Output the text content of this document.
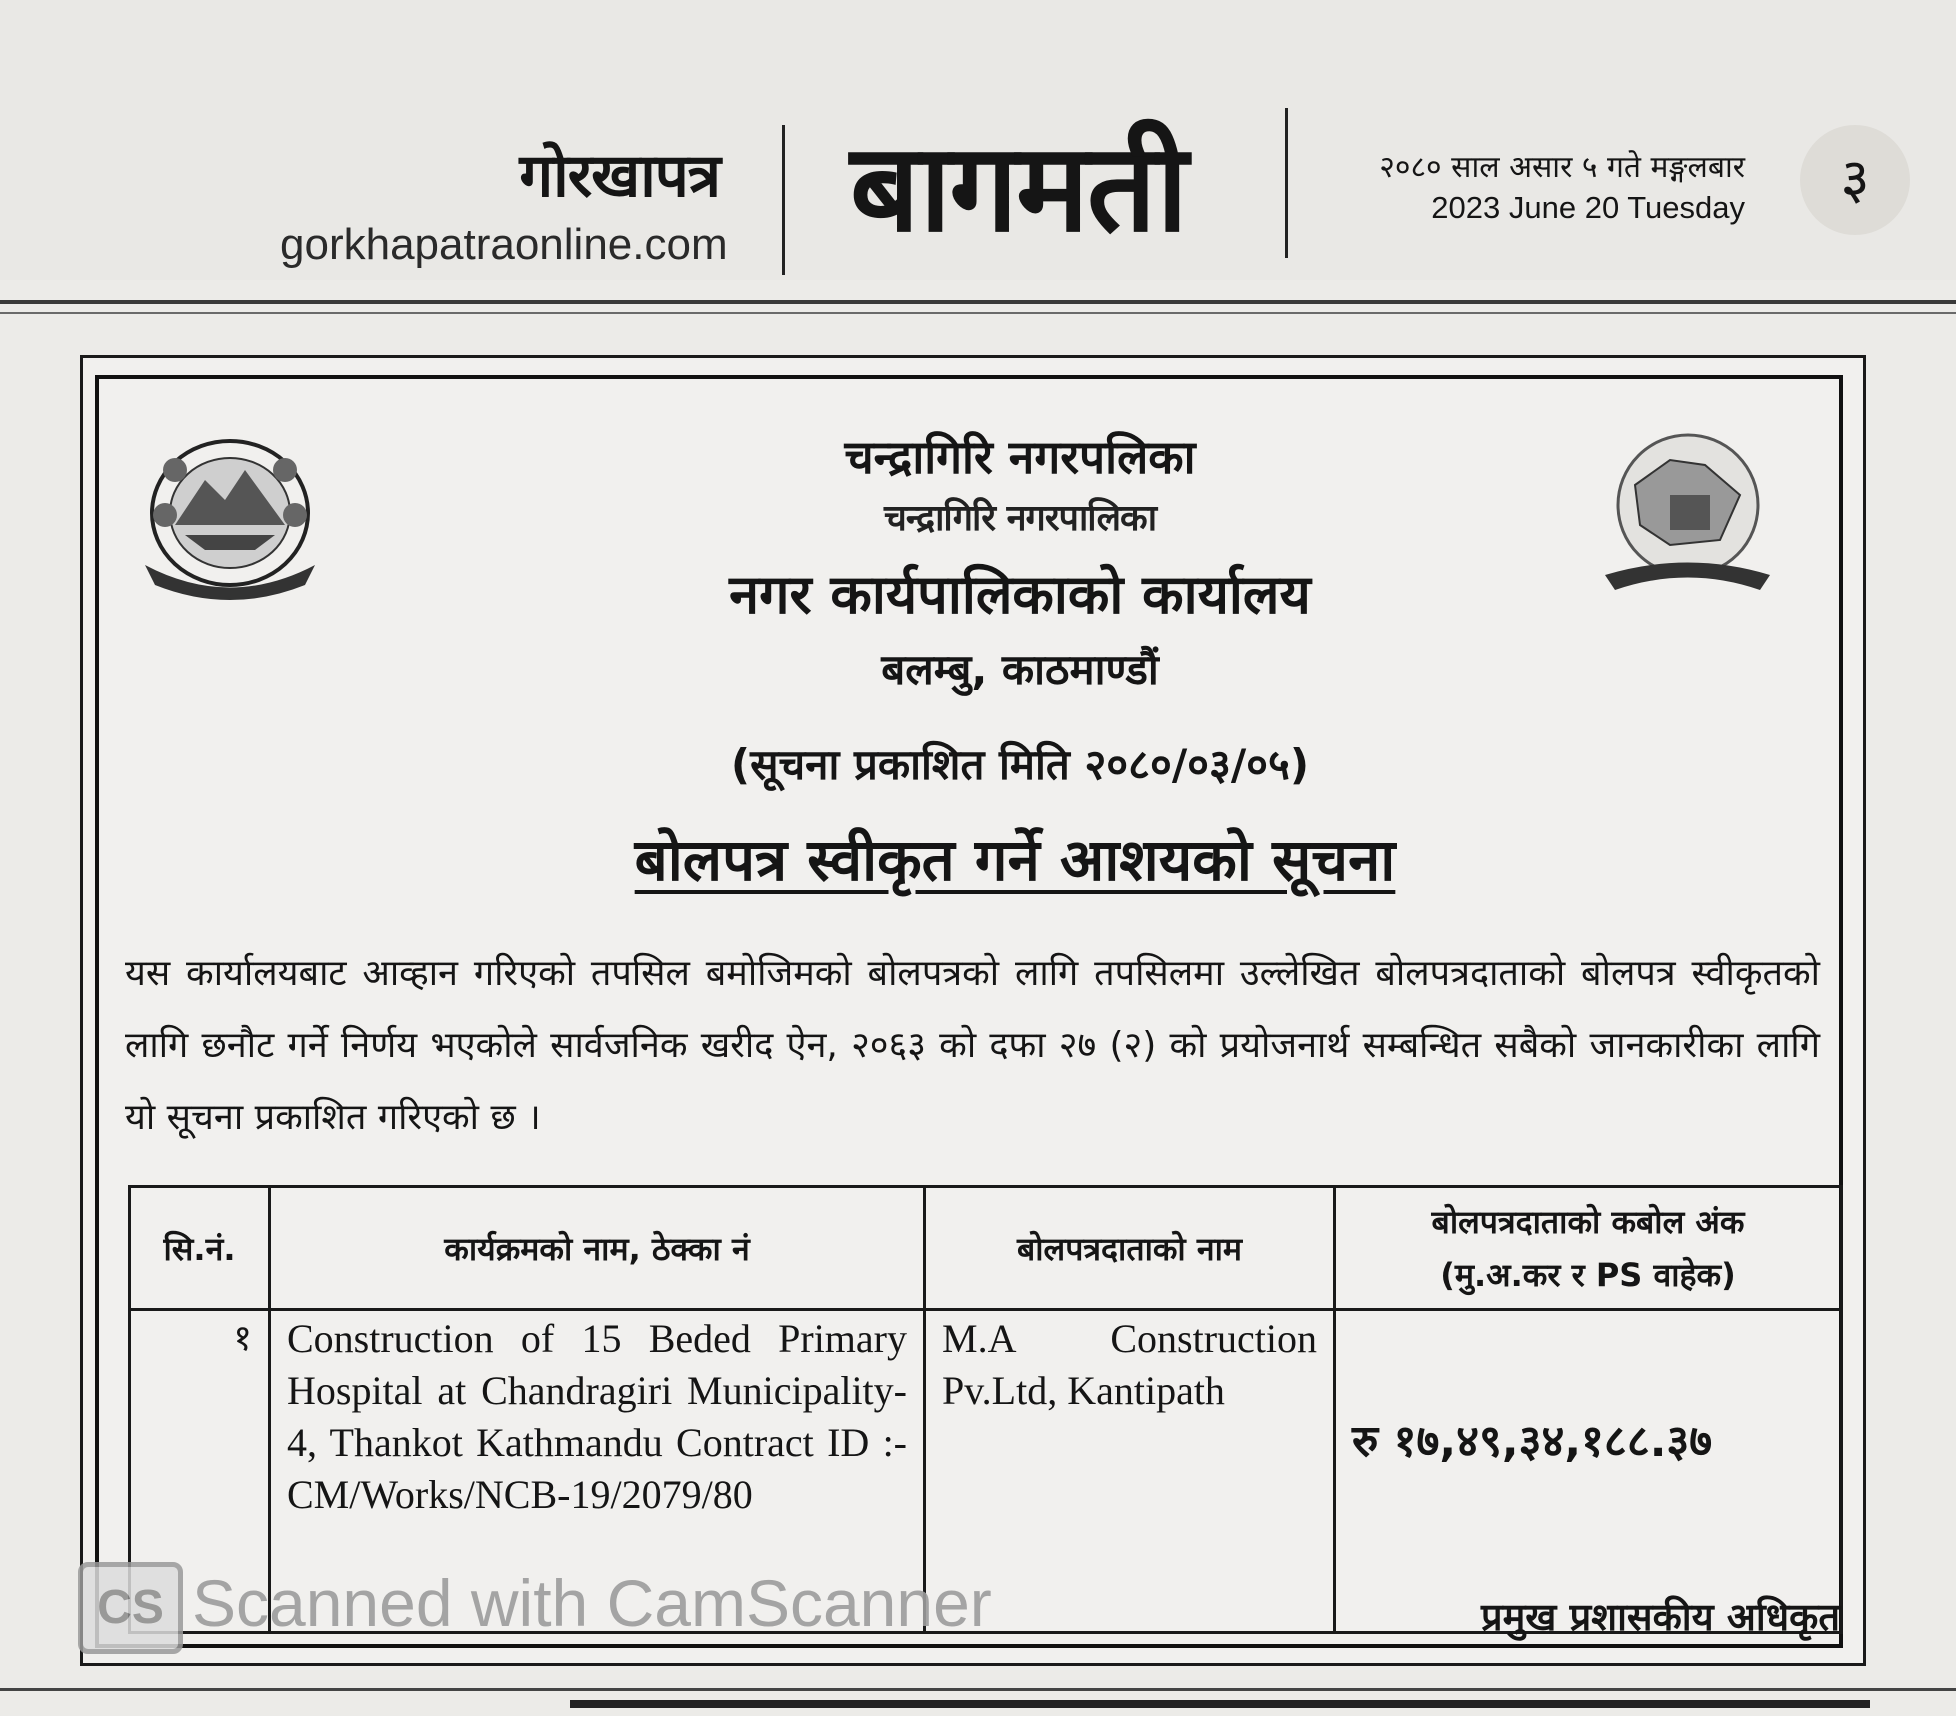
गोरखापत्र
gorkhapatraonline.com बागमती	२०८० साल असार ५ गते मङ्गलबार
2023 June 20 Tuesday	३
चन्द्रागिरि नगरपलिका
चन्द्रागिरि नगरपालिका
नगर कार्यपालिकाको कार्यालय
बलम्बु, काठमाण्डौं
(सूचना प्रकाशित मिति २०८०/०३/०५)
बोलपत्र स्वीकृत गर्ने आशयको सूचना
यस कार्यालयबाट आव्हान गरिएको तपसिल बमोजिमको बोलपत्रको लागि तपसिलमा उल्लेखित बोलपत्रदाताको बोलपत्र स्वीकृतको लागि छनौट गर्ने निर्णय भएकोले सार्वजनिक खरीद ऐन, २०६३ को दफा २७ (२) को प्रयोजनार्थ सम्बन्धित सबैको जानकारीका लागि यो सूचना प्रकाशित गरिएको छ ।
सि.नं.	कार्यक्रमको नाम, ठेक्का नं	बोलपत्रदाताको नाम	बोलपत्रदाताको कबोल अंक
(मु.अ.कर र PS वाहेक)

१	Construction of 15 Beded Primary Hospital at Chandragiri Municipality- 4, Thankot Kathmandu Contract ID :- CM/Works/NCB-19/2079/80	M.A Construction Pv.Ltd, Kantipath	रु १७,४९,३४,१८८.३७
प्रमुख प्रशासकीय अधिकृत
CS Scanned with CamScanner
